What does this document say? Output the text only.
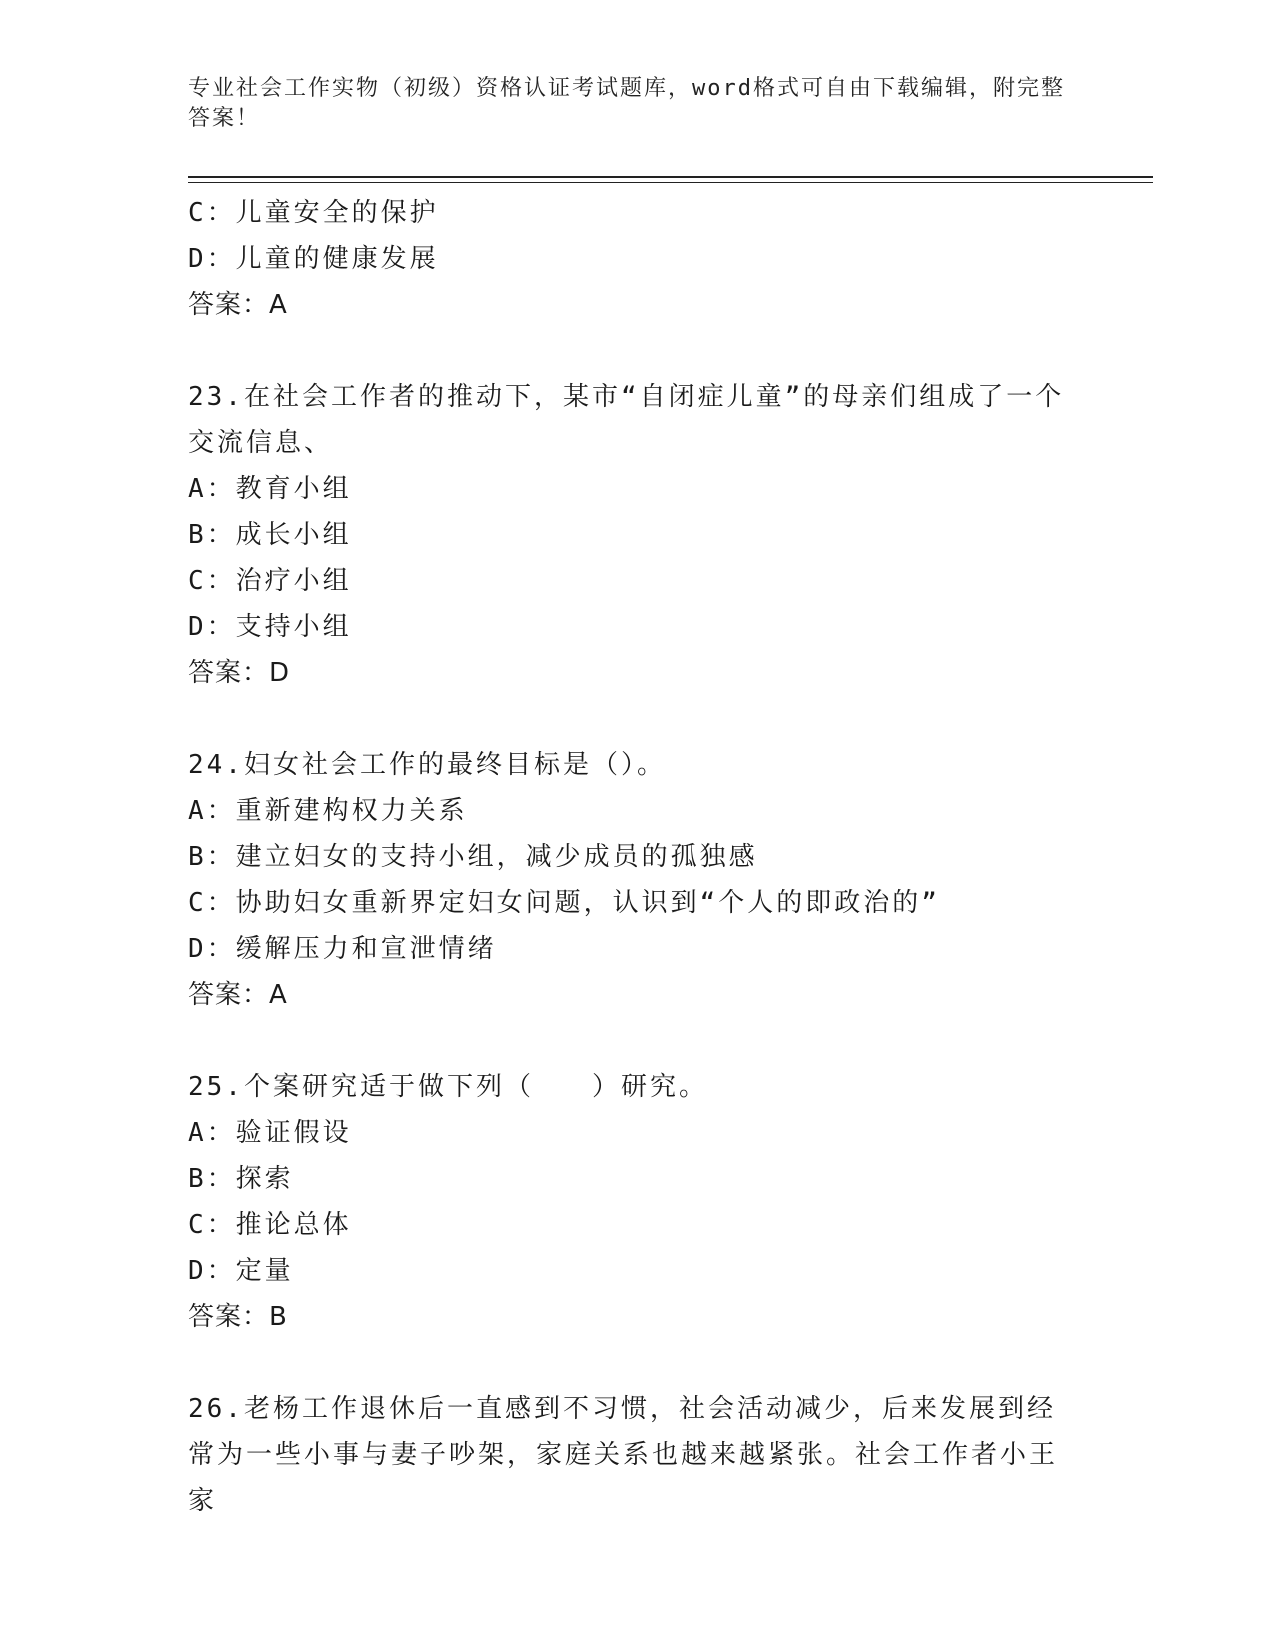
专业社会工作实物（初级）资格认证考试题库，word格式可自由下载编辑，附完整答案！
C：儿童安全的保护
D：儿童的健康发展
答案：A
23.在社会工作者的推动下，某市“自闭症儿童”的母亲们组成了一个交流信息、
A：教育小组
B：成长小组
C：治疗小组
D：支持小组
答案：D
24.妇女社会工作的最终目标是（）。
A：重新建构权力关系
B：建立妇女的支持小组，减少成员的孤独感
C：协助妇女重新界定妇女问题，认识到“个人的即政治的”
D：缓解压力和宣泄情绪
答案：A
25.个案研究适于做下列（　　）研究。
A：验证假设
B：探索
C：推论总体
D：定量
答案：B
26.老杨工作退休后一直感到不习惯，社会活动减少，后来发展到经常为一些小事与妻子吵架，家庭关系也越来越紧张。社会工作者小王家
